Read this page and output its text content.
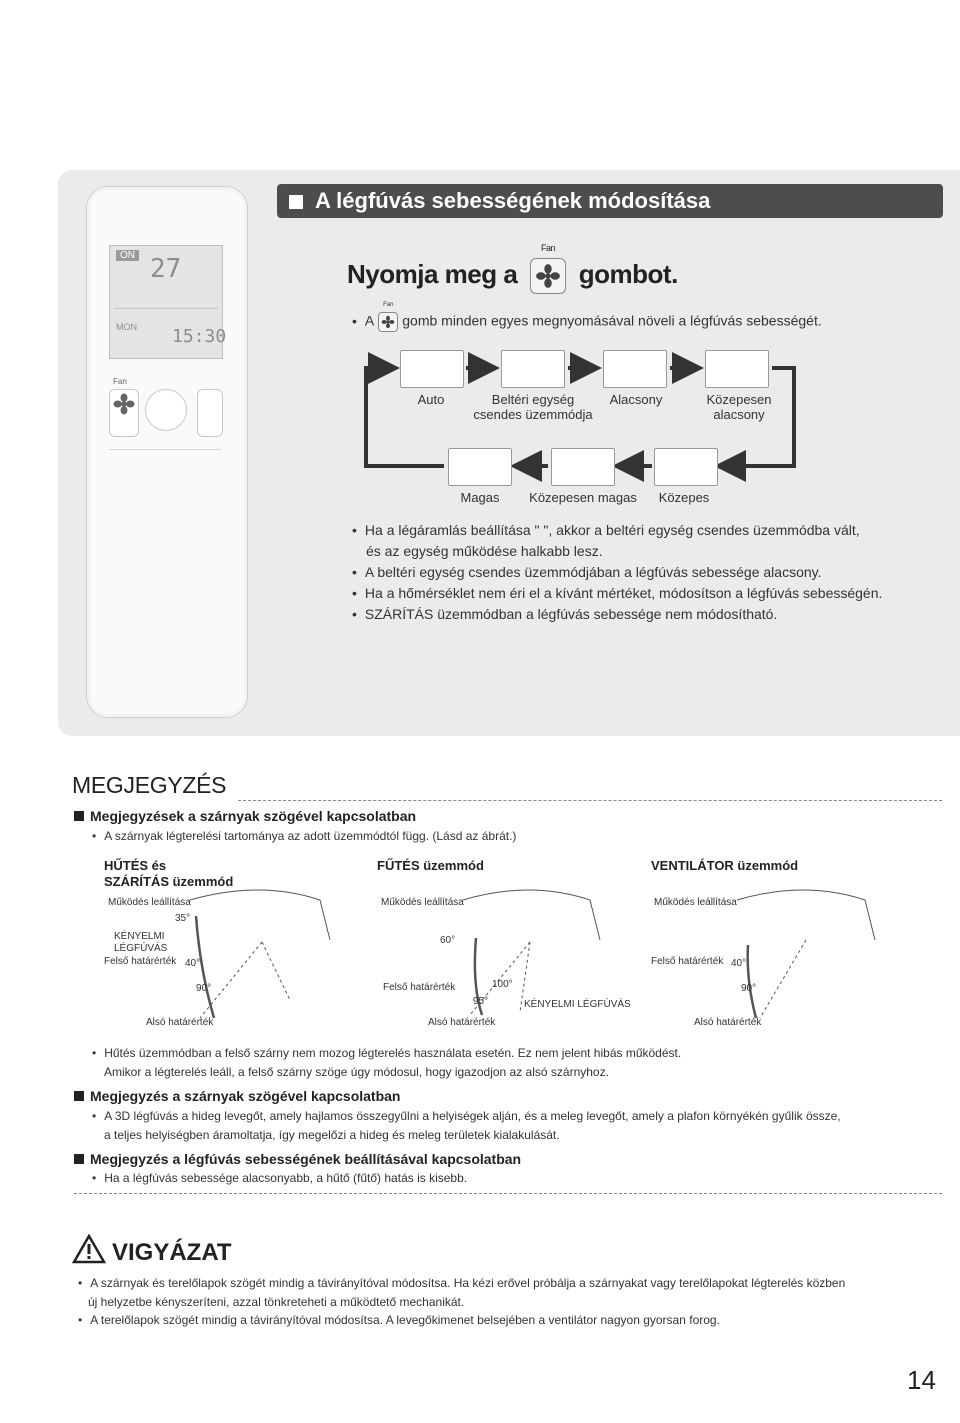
ON 27
MON 15:30
Fan
A légfúvás sebességének módosítása
Nyomja meg a
Fan
gombot.
• A
Fan
gomb minden egyes megnyomásával növeli a légfúvás sebességét.
Auto	Beltéri egység
csendes üzemmódja
Alacsony	Közepesen
alacsony
Magas	Közepesen magas	Közepes
• Ha a légáramlás beállítása " ", akkor a beltéri egység csendes üzemmódba vált,
és az egység működése halkabb lesz.
• A beltéri egység csendes üzemmódjában a légfúvás sebessége alacsony.
• Ha a hőmérséklet nem éri el a kívánt mértéket, módosítson a légfúvás sebességén.
• SZÁRÍTÁS üzemmódban a légfúvás sebessége nem módosítható.
MEGJEGYZÉS
Megjegyzések a szárnyak szögével kapcsolatban
• A szárnyak légterelési tartománya az adott üzemmódtól függ. (Lásd az ábrát.)
HŰTÉS és
SZÁRÍTÁS üzemmód
FŰTÉS üzemmód	VENTILÁTOR üzemmód
Működés leállítása
35°
KÉNYELMI
LÉGFÚVÁS
Felső határérték 40°
90°
Alsó határérték
Működés leállítása
60°
Felső határérték	100°
95°	KÉNYELMI LÉGFÚVÁS
Alsó határérték
Működés leállítása
Felső határérték 40°
90°
Alsó határérték
• Hűtés üzemmódban a felső szárny nem mozog légterelés használata esetén. Ez nem jelent hibás működést.
Amikor a légterelés leáll, a felső szárny szöge úgy módosul, hogy igazodjon az alsó szárnyhoz.
Megjegyzés a szárnyak szögével kapcsolatban
• A 3D légfúvás a hideg levegőt, amely hajlamos összegyűlni a helyiségek alján, és a meleg levegőt, amely a plafon környékén gyűlik össze,
a teljes helyiségben áramoltatja, így megelőzi a hideg és meleg területek kialakulását.
Megjegyzés a légfúvás sebességének beállításával kapcsolatban
• Ha a légfúvás sebessége alacsonyabb, a hűtő (fűtő) hatás is kisebb.
VIGYÁZAT
• A szárnyak és terelőlapok szögét mindig a távirányítóval módosítsa. Ha kézi erővel próbálja a szárnyakat vagy terelőlapokat légterelés közben
új helyzetbe kényszeríteni, azzal tönkreteheti a működtető mechanikát.
• A terelőlapok szögét mindig a távirányítóval módosítsa. A levegőkimenet belsejében a ventilátor nagyon gyorsan forog.
14
